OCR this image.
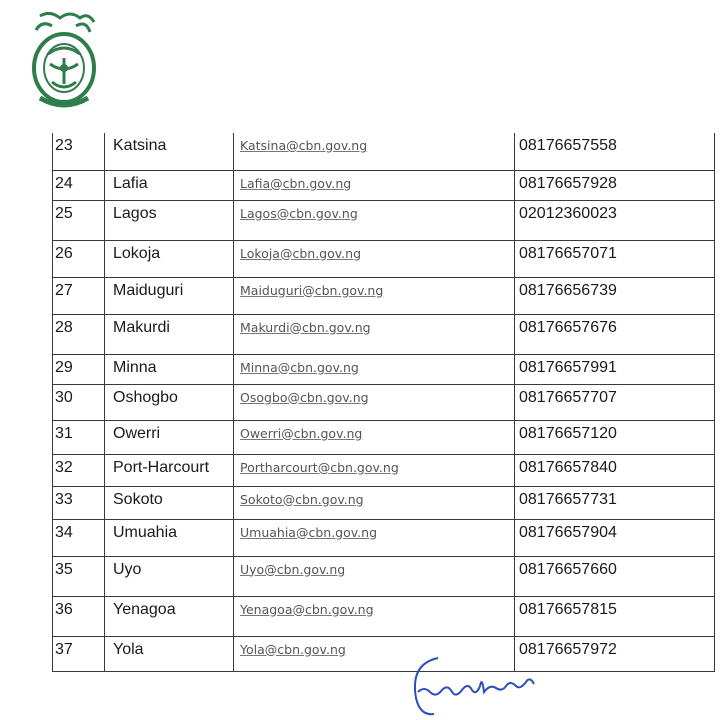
23	Katsina	Katsina@cbn.gov.ng	08176657558
24	Lafia	Lafia@cbn.gov.ng	08176657928
25	Lagos	Lagos@cbn.gov.ng	02012360023
26	Lokoja	Lokoja@cbn.gov.ng	08176657071
27	Maiduguri	Maiduguri@cbn.gov.ng	08176656739
28	Makurdi	Makurdi@cbn.gov.ng	08176657676
29	Minna	Minna@cbn.gov.ng	08176657991
30	Oshogbo	Osogbo@cbn.gov.ng	08176657707
31	Owerri	Owerri@cbn.gov.ng	08176657120
32	Port-Harcourt	Portharcourt@cbn.gov.ng	08176657840
33	Sokoto	Sokoto@cbn.gov.ng	08176657731
34	Umuahia	Umuahia@cbn.gov.ng	08176657904
35	Uyo	Uyo@cbn.gov.ng	08176657660
36	Yenagoa	Yenagoa@cbn.gov.ng	08176657815
37	Yola	Yola@cbn.gov.ng	08176657972
